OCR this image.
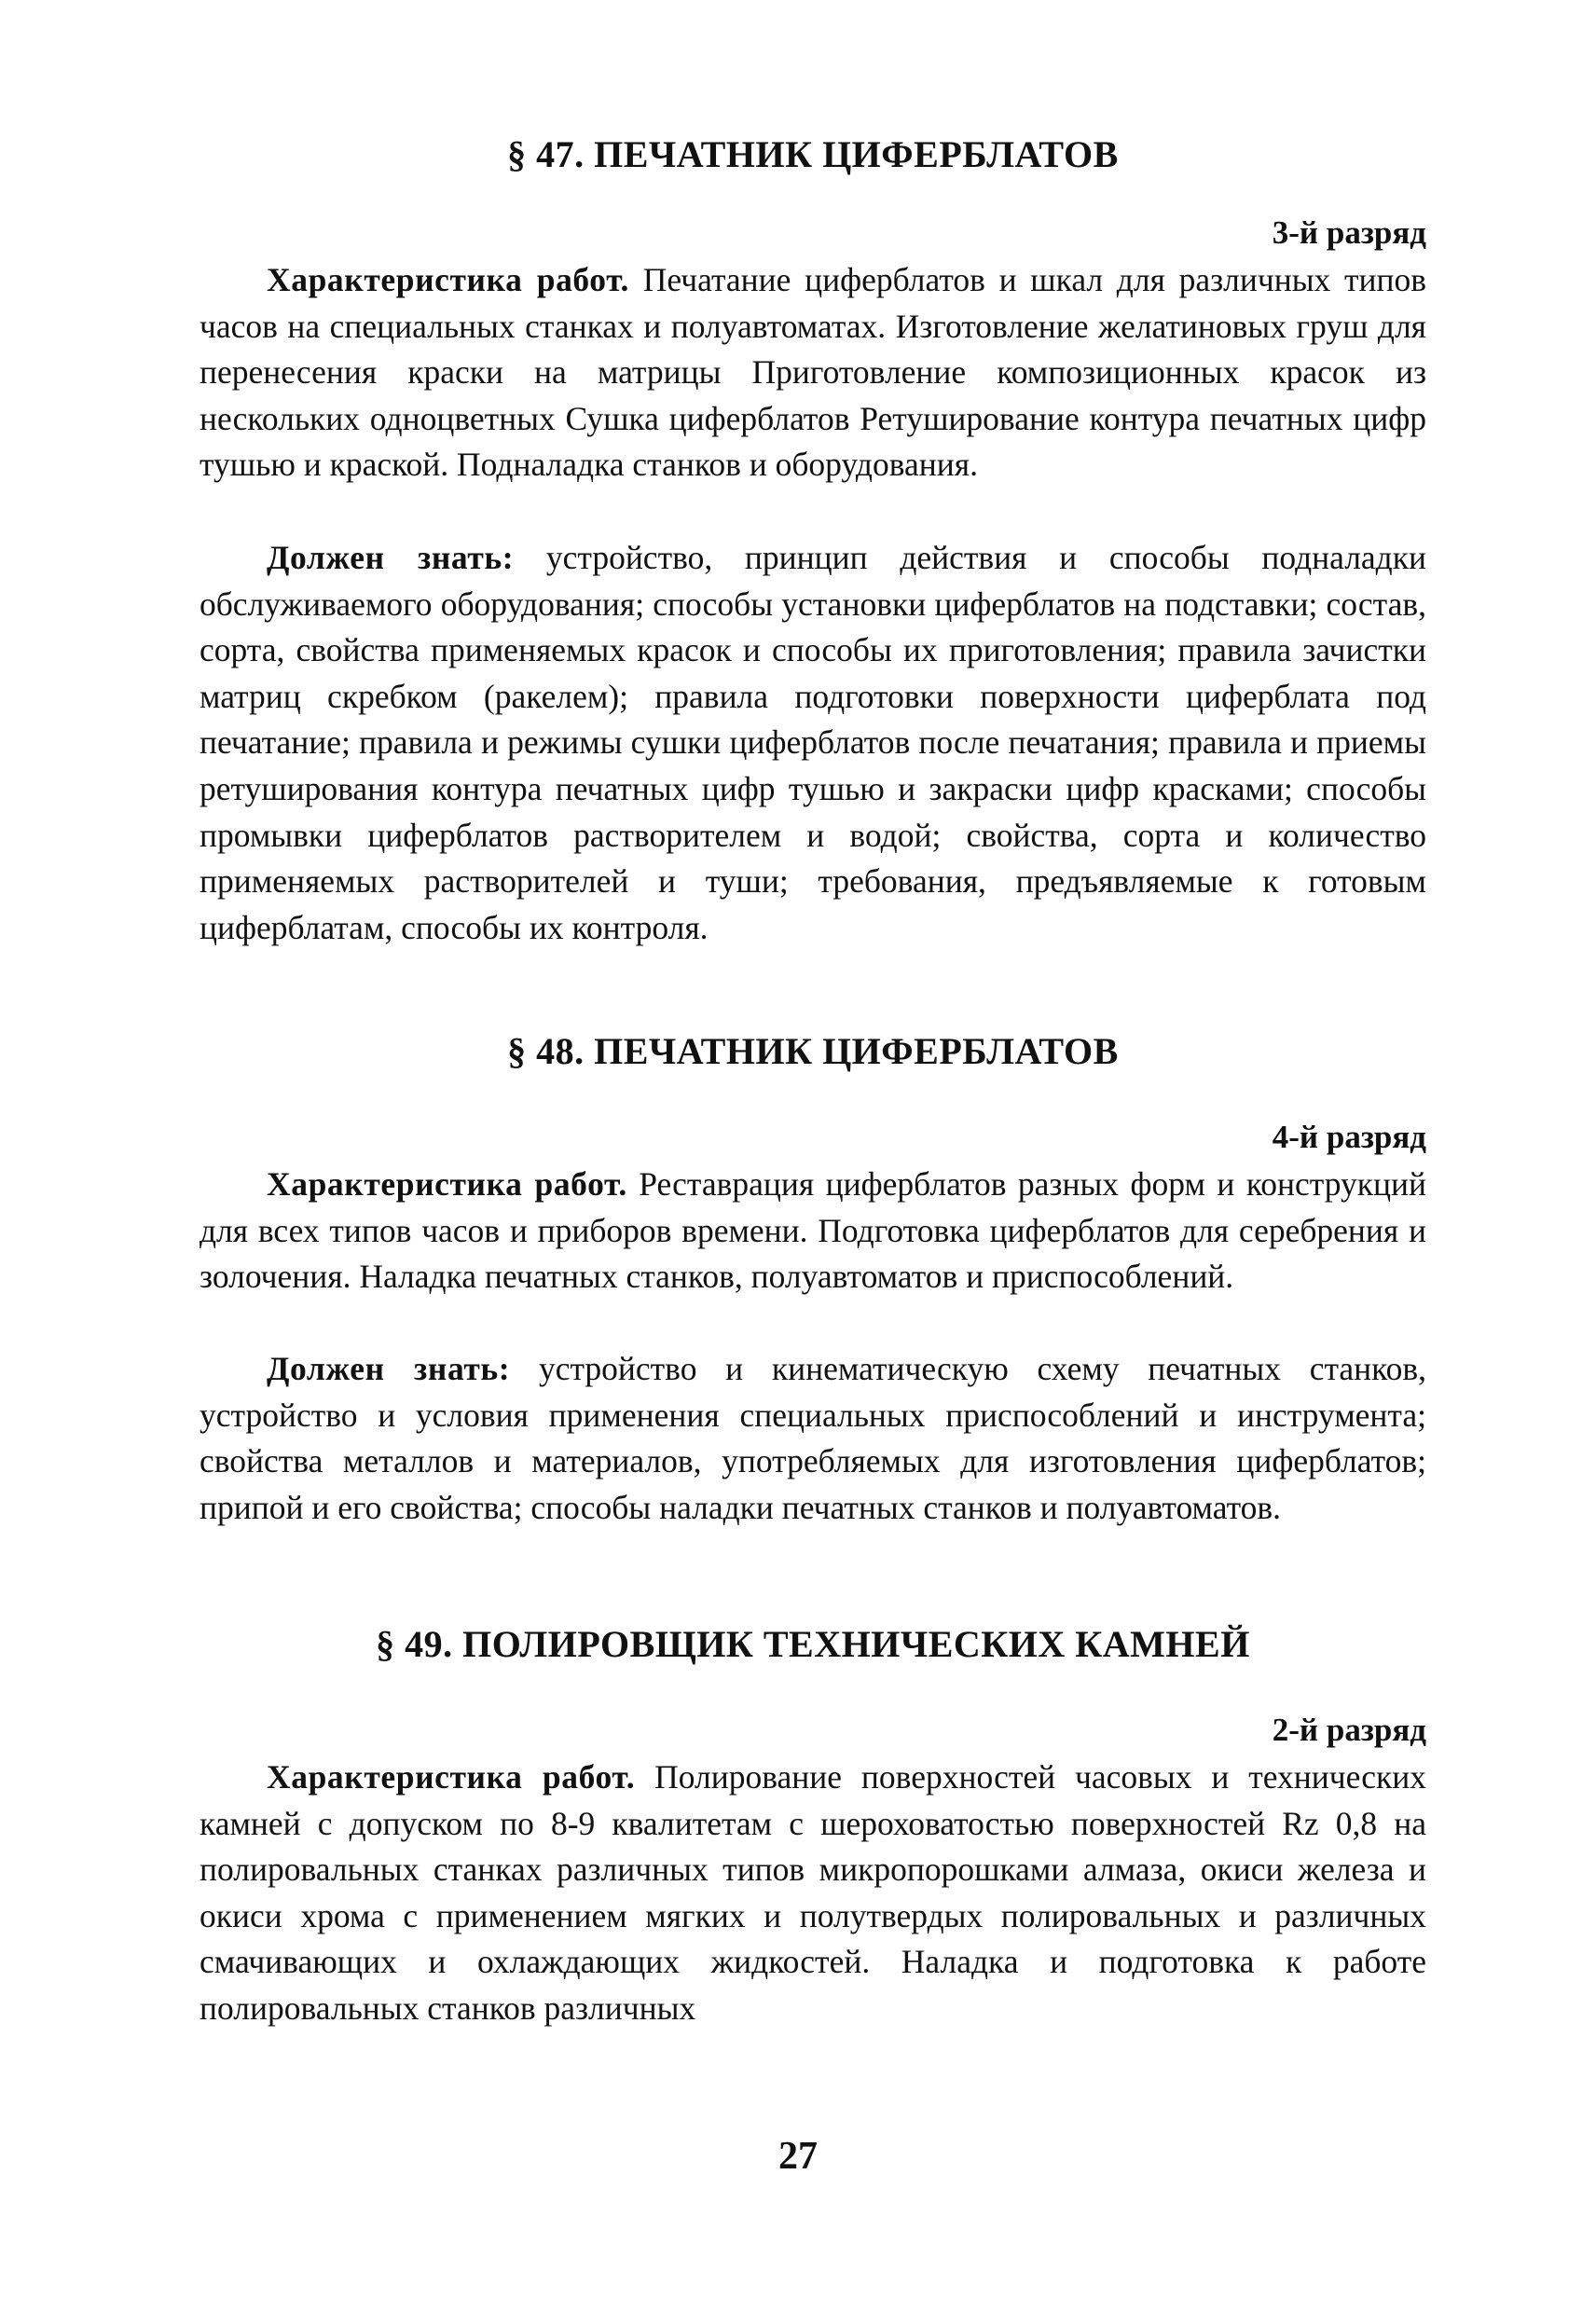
§ 47. ПЕЧАТНИК ЦИФЕРБЛАТОВ
3-й разряд

Характеристика работ. Печатание циферблатов и шкал для различных типов часов на специальных станках и полуавтоматах. Изготовление желатиновых груш для перенесения краски на матрицы Приготовление композиционных красок из нескольких одноцветных Сушка циферблатов Ретуширование контура печатных цифр тушью и краской. Подналадка станков и оборудования.

Должен знать: устройство, принцип действия и способы подналадки обслуживаемого оборудования; способы установки циферблатов на подставки; состав, сорта, свойства применяемых красок и способы их приготовления; правила зачистки матриц скребком (ракелем); правила подготовки поверхности циферблата под печатание; правила и режимы сушки циферблатов после печатания; правила и приемы ретуширования контура печатных цифр тушью и закраски цифр красками; способы промывки циферблатов растворителем и водой; свойства, сорта и количество применяемых растворителей и туши; требования, предъявляемые к готовым циферблатам, способы их контроля.

§ 48. ПЕЧАТНИК ЦИФЕРБЛАТОВ
4-й разряд

Характеристика работ. Реставрация циферблатов разных форм и конструкций для всех типов часов и приборов времени. Подготовка циферблатов для серебрения и золочения. Наладка печатных станков, полуавтоматов и приспособлений.

Должен знать: устройство и кинематическую схему печатных станков, устройство и условия применения специальных приспособлений и инструмента; свойства металлов и материалов, употребляемых для изготовления циферблатов; припой и его свойства; способы наладки печатных станков и полуавтоматов.

§ 49. ПОЛИРОВЩИК ТЕХНИЧЕСКИХ КАМНЕЙ
2-й разряд

Характеристика работ. Полирование поверхностей часовых и технических камней с допуском по 8-9 квалитетам с шероховатостью поверхностей Rz 0,8 на полировальных станках различных типов микропорошками алмаза, окиси железа и окиси хрома с применением мягких и полутвердых полировальных и различных смачивающих и охлаждающих жидкостей. Наладка и подготовка к работе полировальных станков различных

27
